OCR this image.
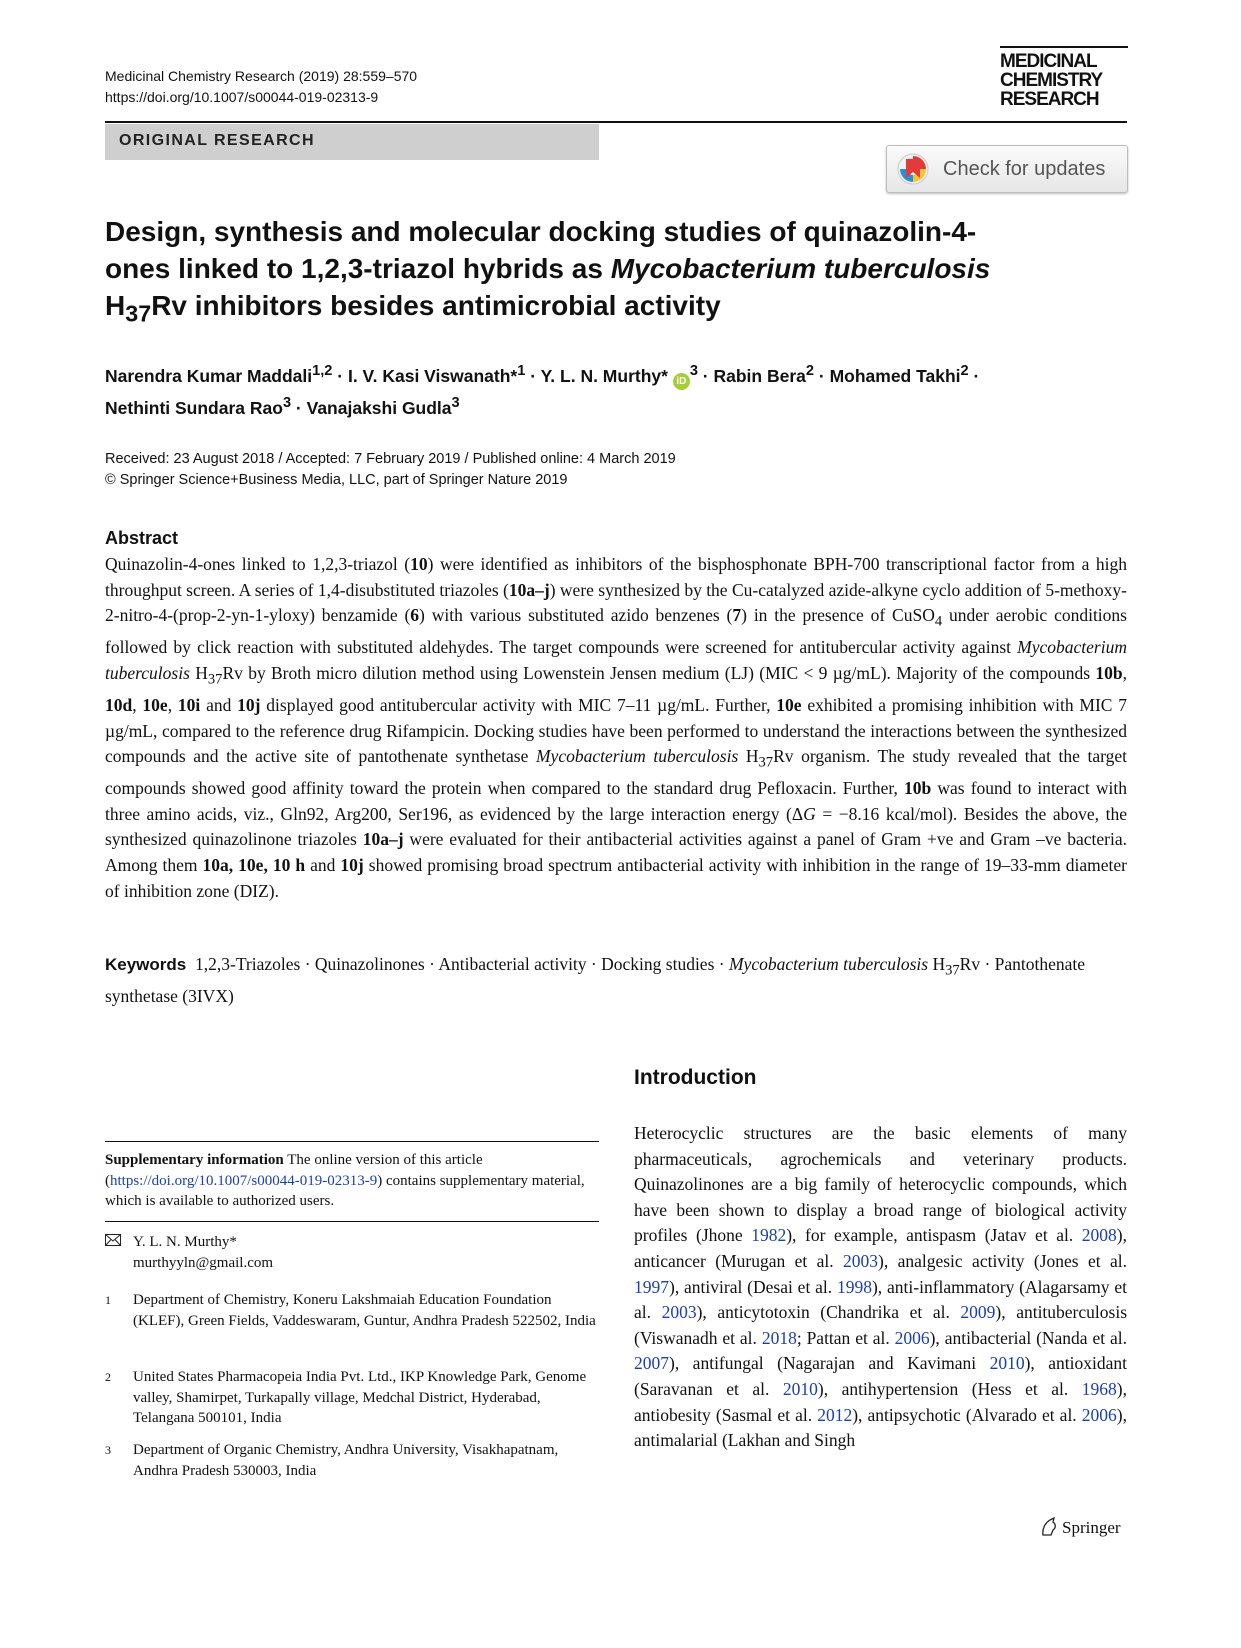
Medicinal Chemistry Research (2019) 28:559–570
https://doi.org/10.1007/s00044-019-02313-9
MEDICINAL
CHEMISTRY
RESEARCH
ORIGINAL RESEARCH
Check for updates
Design, synthesis and molecular docking studies of quinazolin-4-ones linked to 1,2,3-triazol hybrids as Mycobacterium tuberculosis
$H_{37}Rv$ inhibitors besides antimicrobial activity
Narendra Kumar Maddali$^{1,2}$ · I. V. Kasi Viswanath*$^1$ · Y. L. N. Murthy* $iD^3$ · Rabin Bera$^2$ · Mohamed Takhi$^2$ ·
Nethinti Sundara Rao$^3$ · Vanajakshi Gudla$^3$
Received: 23 August 2018 / Accepted: 7 February 2019 / Published online: 4 March 2019
© Springer Science+Business Media, LLC, part of Springer Nature 2019
Abstract
Quinazolin-4-ones linked to 1,2,3-triazol (10) were identified as inhibitors of the bisphosphonate BPH-700 transcriptional factor from a high throughput screen. A series of 1,4-disubstituted triazoles (10a–j) were synthesized by the Cu-catalyzed azide-alkyne cyclo addition of 5-methoxy-2-nitro-4-(prop-2-yn-1-yloxy) benzamide (6) with various substituted azido benzenes (7) in the presence of CuSO$_4$ under aerobic conditions followed by click reaction with substituted aldehydes. The target compounds were screened for antitubercular activity against Mycobacterium tuberculosis $H_{37}Rv$ by Broth micro dilution method using Lowenstein Jensen medium (LJ) (MIC < 9 µg/mL). Majority of the compounds 10b, 10d, 10e, 10i and 10j displayed good antitubercular activity with MIC 7–11 µg/mL. Further, 10e exhibited a promising inhibition with MIC 7 µg/mL, compared to the reference drug Rifampicin. Docking studies have been performed to understand the interactions between the synthesized compounds and the active site of pantothenate synthetase Mycobacterium tuberculosis $H_{37}Rv$ organism. The study revealed that the target compounds showed good affinity toward the protein when compared to the standard drug Pefloxacin. Further, 10b was found to interact with three amino acids, viz., Gln92, Arg200, Ser196, as evidenced by the large interaction energy (ΔG = −8.16 kcal/mol). Besides the above, the synthesized quinazolinone triazoles 10a–j were evaluated for their antibacterial activities against a panel of Gram +ve and Gram –ve bacteria. Among them 10a, 10e, 10 h and 10j showed promising broad spectrum antibacterial activity with inhibition in the range of 19–33-mm diameter of inhibition zone (DIZ).
Keywords 1,2,3-Triazoles · Quinazolinones · Antibacterial activity · Docking studies · Mycobacterium tuberculosis $H_{37}Rv$ · Pantothenate synthetase (3IVX)
Introduction
Heterocyclic structures are the basic elements of many pharmaceuticals, agrochemicals and veterinary products. Quinazolinones are a big family of heterocyclic compounds, which have been shown to display a broad range of biological activity profiles (Jhone 1982), for example, antispasm (Jatav et al. 2008), anticancer (Murugan et al. 2003), analgesic activity (Jones et al. 1997), antiviral (Desai et al. 1998), anti-inflammatory (Alagarsamy et al. 2003), anticytotoxin (Chandrika et al. 2009), antituberculosis (Viswanadh et al. 2018; Pattan et al. 2006), antibacterial (Nanda et al. 2007), antifungal (Nagarajan and Kavimani 2010), antioxidant (Saravanan et al. 2010), antihypertension (Hess et al. 1968), antiobesity (Sasmal et al. 2012), antipsychotic (Alvarado et al. 2006), antimalarial (Lakhan and Singh
Supplementary information The online version of this article (https://doi.org/10.1007/s00044-019-02313-9) contains supplementary material, which is available to authorized users.
Y. L. N. Murthy*
murthyyln@gmail.com
1 Department of Chemistry, Koneru Lakshmaiah Education Foundation (KLEF), Green Fields, Vaddeswaram, Guntur, Andhra Pradesh 522502, India
2 United States Pharmacopeia India Pvt. Ltd., IKP Knowledge Park, Genome valley, Shamirpet, Turkapally village, Medchal District, Hyderabad, Telangana 500101, India
3 Department of Organic Chemistry, Andhra University, Visakhapatnam, Andhra Pradesh 530003, India
Springer
